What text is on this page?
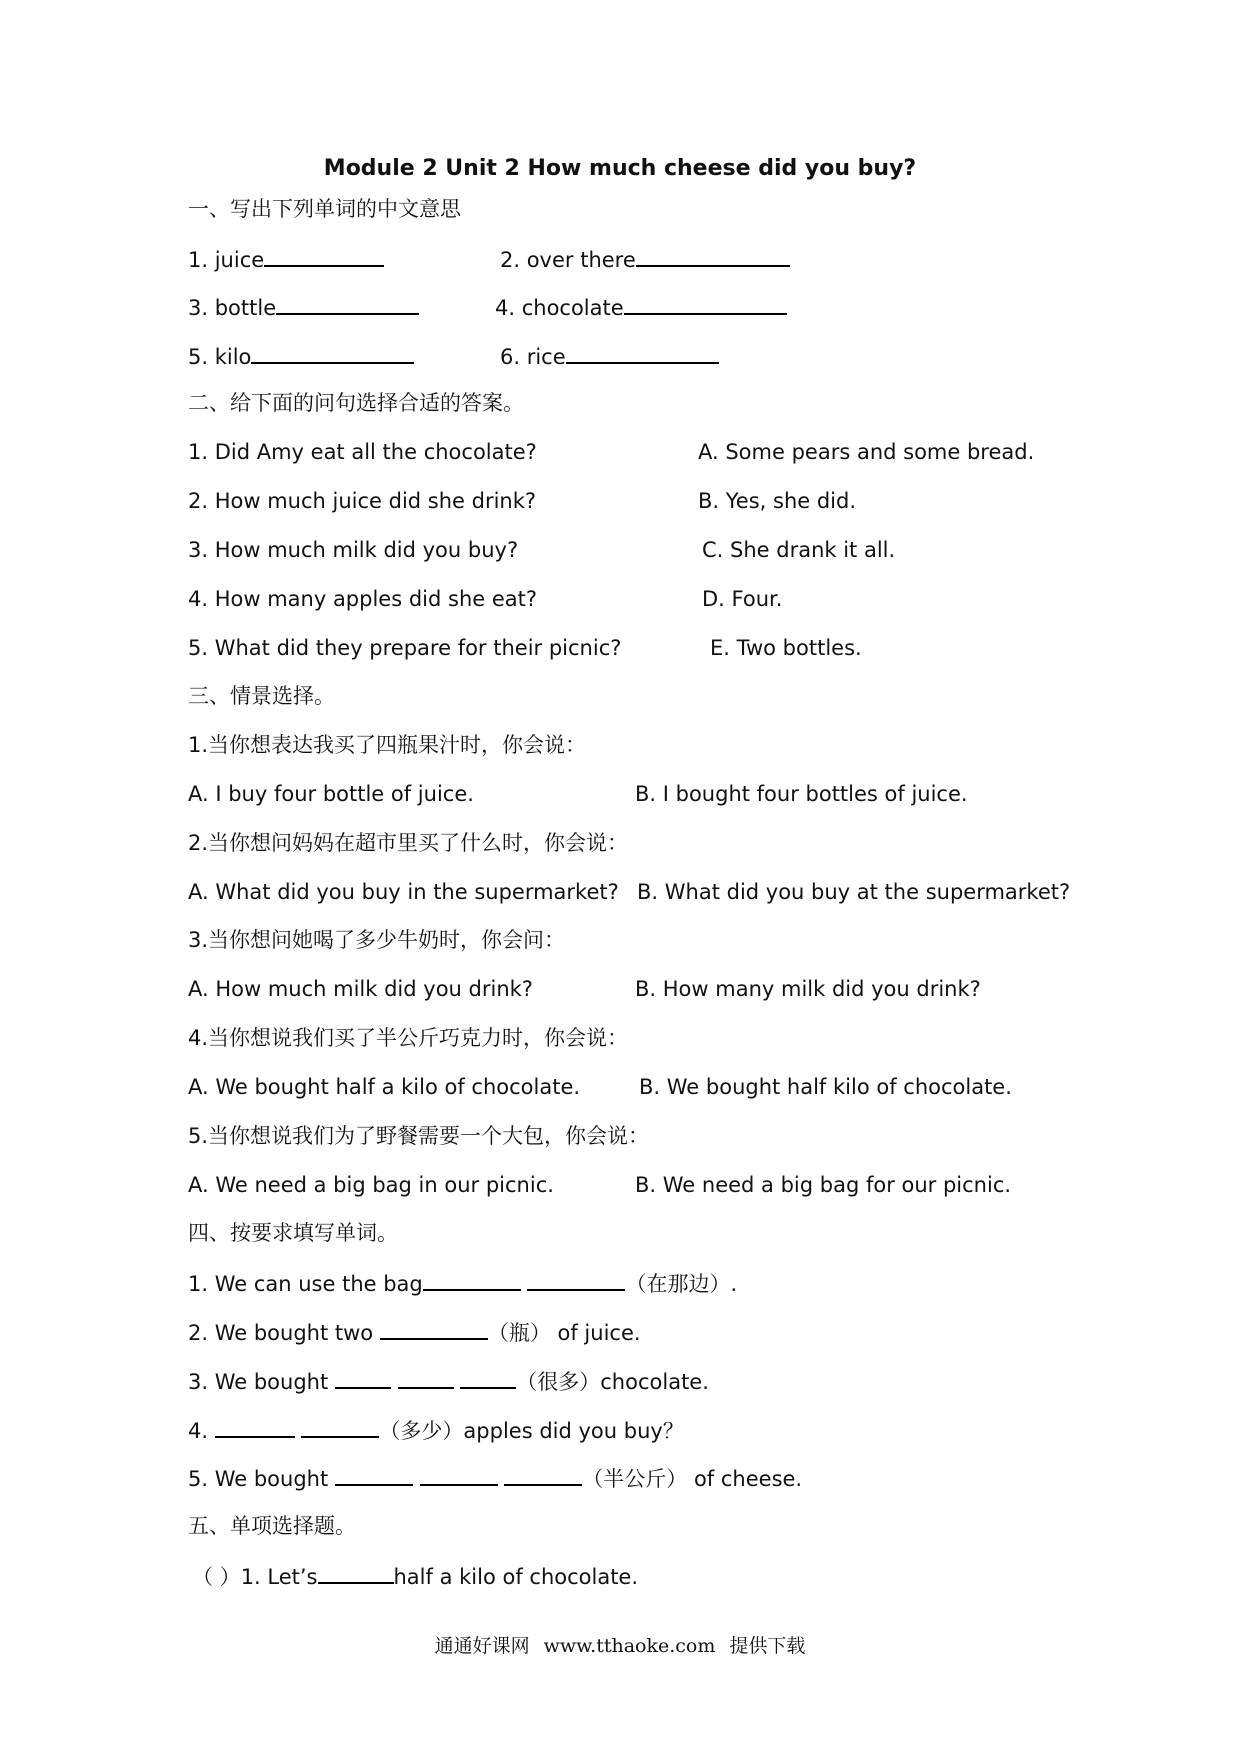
Module 2 Unit 2 How much cheese did you buy?
一、写出下列单词的中文意思
1. juice	2. over there
3. bottle	4. chocolate
5. kilo	6. rice
二、给下面的问句选择合适的答案。
1. Did Amy eat all the chocolate?	A. Some pears and some bread.
2. How much juice did she drink?	B. Yes, she did.
3. How much milk did you buy?	C. She drank it all.
4. How many apples did she eat?	D. Four.
5. What did they prepare for their picnic?	E. Two bottles.
三、情景选择。
1.当你想表达我买了四瓶果汁时，你会说：
A. I buy four bottle of juice.	B. I bought four bottles of juice.
2.当你想问妈妈在超市里买了什么时，你会说：
A. What did you buy in the supermarket? B. What did you buy at the supermarket?
3.当你想问她喝了多少牛奶时，你会问：
A. How much milk did you drink?	B. How many milk did you drink?
4.当你想说我们买了半公斤巧克力时，你会说：
A. We bought half a kilo of chocolate.	B. We bought half kilo of chocolate.
5.当你想说我们为了野餐需要一个大包，你会说：
A. We need a big bag in our picnic.	B. We need a big bag for our picnic.
四、按要求填写单词。
1. We can use the bag	（在那边）.
2. We bought two	（瓶） of juice.
3. We bought	（很多）chocolate.
4.	（多少）apples did you buy？
5. We bought	（半公斤） of cheese.
五、单项选择题。
（ ）1. Let’s	half a kilo of chocolate.
通通好课网 www.tthaoke.com 提供下载
